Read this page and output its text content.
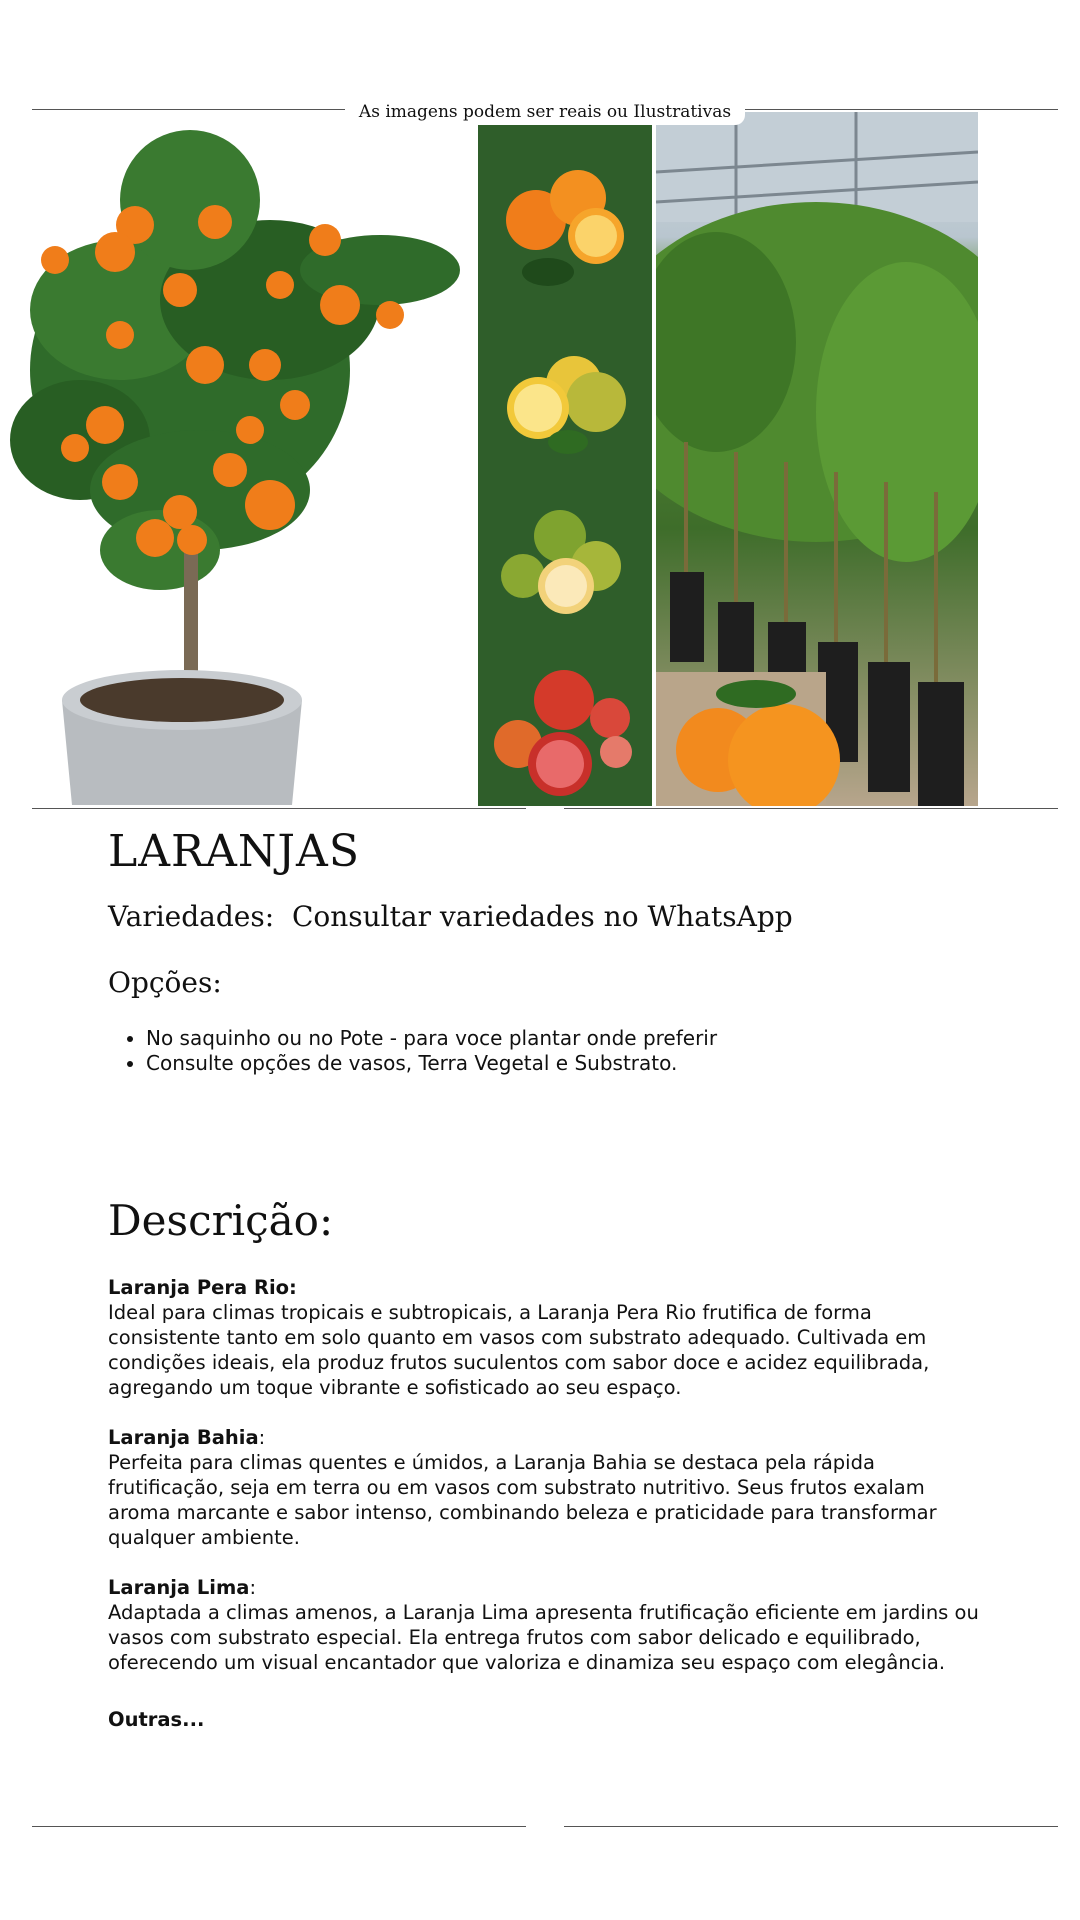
As imagens podem ser reais ou Ilustrativas
LARANJAS
Variedades:  Consultar variedades no WhatsApp
Opções:
• No saquinho ou no Pote - para voce plantar onde preferir
• Consulte opções de vasos, Terra Vegetal e Substrato.
Descrição:

Laranja Pera Rio:

Ideal para climas tropicais e subtropicais, a Laranja Pera Rio frutifica de forma consistente tanto em solo quanto em vasos com substrato adequado. Cultivada em condições ideais, ela produz frutos suculentos com sabor doce e acidez equilibrada, agregando um toque vibrante e sofisticado ao seu espaço.

Laranja Bahia:

Perfeita para climas quentes e úmidos, a Laranja Bahia se destaca pela rápida frutificação, seja em terra ou em vasos com substrato nutritivo. Seus frutos exalam aroma marcante e sabor intenso, combinando beleza e praticidade para transformar qualquer ambiente.

Laranja Lima:

Adaptada a climas amenos, a Laranja Lima apresenta frutificação eficiente em jardins ou vasos com substrato especial. Ela entrega frutos com sabor delicado e equilibrado, oferecendo um visual encantador que valoriza e dinamiza seu espaço com elegância.

Outras...
